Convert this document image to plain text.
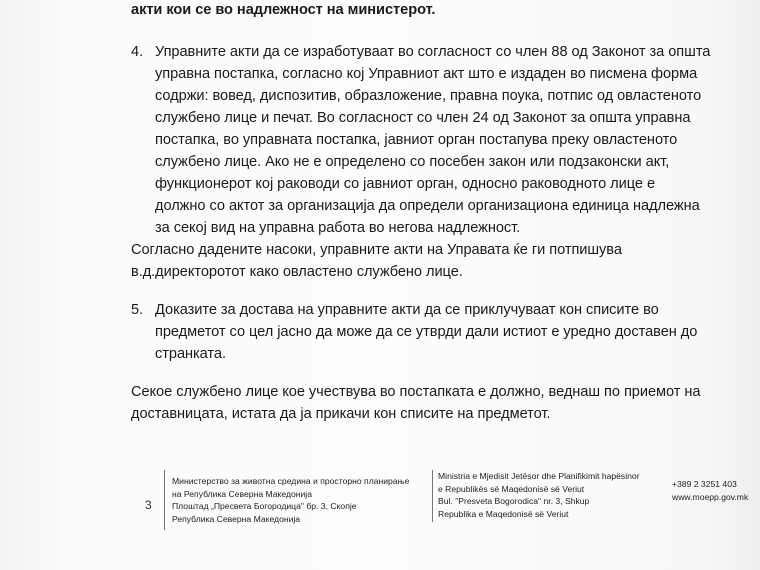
акти кои се во надлежност на министерот.
4. Управните акти да се изработуваат во согласност со член 88 од Законот за општа
управна постапка, согласно кој Управниот акт што е издаден во писмена форма
содржи: вовед, диспозитив, образложение, правна поука, потпис од овластеното
службено лице и печат. Во согласност со член 24 од Законот за општа управна
постапка, во управната постапка, јавниот орган постапува преку овластеното
службено лице. Ако не е определено со посебен закон или подзаконски акт,
функционерот кој раководи со јавниот орган, односно раководното лице е
должно со актот за организација да определи организациона единица надлежна
за секој вид на управна работа во негова надлежност.
Согласно дадените насоки, управните акти на Управата ќе ги потпишува
в.д.директоротот како овластено службено лице.
5. Доказите за достава на управните акти да се приклучуваат кон списите во
предметот со цел јасно да може да се утврди дали истиот е уредно доставен до
странката.
Секое службено лице кое учествува во постапката е должно, веднаш по приемот на
доставницата, истата да ја прикачи кон списите на предметот.
3
Министерство за животна средина и просторно планирање
на Република Северна Македонија
Плоштад „Пресвета Богородица" бр. 3, Скопје
Република Северна Македонија
Ministria e Mjedisit Jetësor dhe Planifikimit hapësinor
e Republikës së Maqedonisë së Veriut
Bul. "Presveta Bogorodica" nr. 3, Shkup
Republika e Maqedonisë së Veriut
+389 2 3251 403
www.moepp.gov.mk
